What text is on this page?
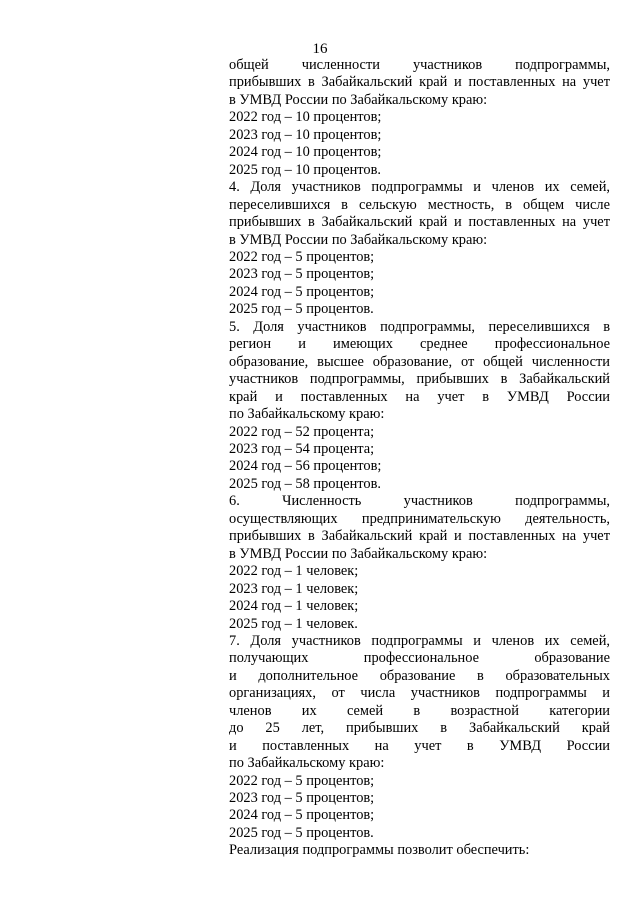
16
общей численности участников подпрограммы,
прибывших в Забайкальский край и поставленных на учет
в УМВД России по Забайкальскому краю:
2022 год – 10 процентов;
2023 год – 10 процентов;
2024 год – 10 процентов;
2025 год – 10 процентов.
4. Доля участников подпрограммы и членов их семей,
переселившихся в сельскую местность, в общем числе
прибывших в Забайкальский край и поставленных на учет
в УМВД России по Забайкальскому краю:
2022 год – 5 процентов;
2023 год – 5 процентов;
2024 год – 5 процентов;
2025 год – 5 процентов.
5. Доля участников подпрограммы, переселившихся в
регион и имеющих среднее профессиональное
образование, высшее образование, от общей численности
участников подпрограммы, прибывших в Забайкальский
край и поставленных на учет в УМВД России
по Забайкальскому краю:
2022 год – 52 процента;
2023 год – 54 процента;
2024 год – 56 процентов;
2025 год – 58 процентов.
6. Численность участников подпрограммы,
осуществляющих предпринимательскую деятельность,
прибывших в Забайкальский край и поставленных на учет
в УМВД России по Забайкальскому краю:
2022 год – 1 человек;
2023 год – 1 человек;
2024 год – 1 человек;
2025 год – 1 человек.
7. Доля участников подпрограммы и членов их семей,
получающих профессиональное образование
и дополнительное образование в образовательных
организациях, от числа участников подпрограммы и
членов их семей в возрастной категории
до 25 лет, прибывших в Забайкальский край
и поставленных на учет в УМВД России
по Забайкальскому краю:
2022 год – 5 процентов;
2023 год – 5 процентов;
2024 год – 5 процентов;
2025 год – 5 процентов.
Реализация подпрограммы позволит обеспечить:
